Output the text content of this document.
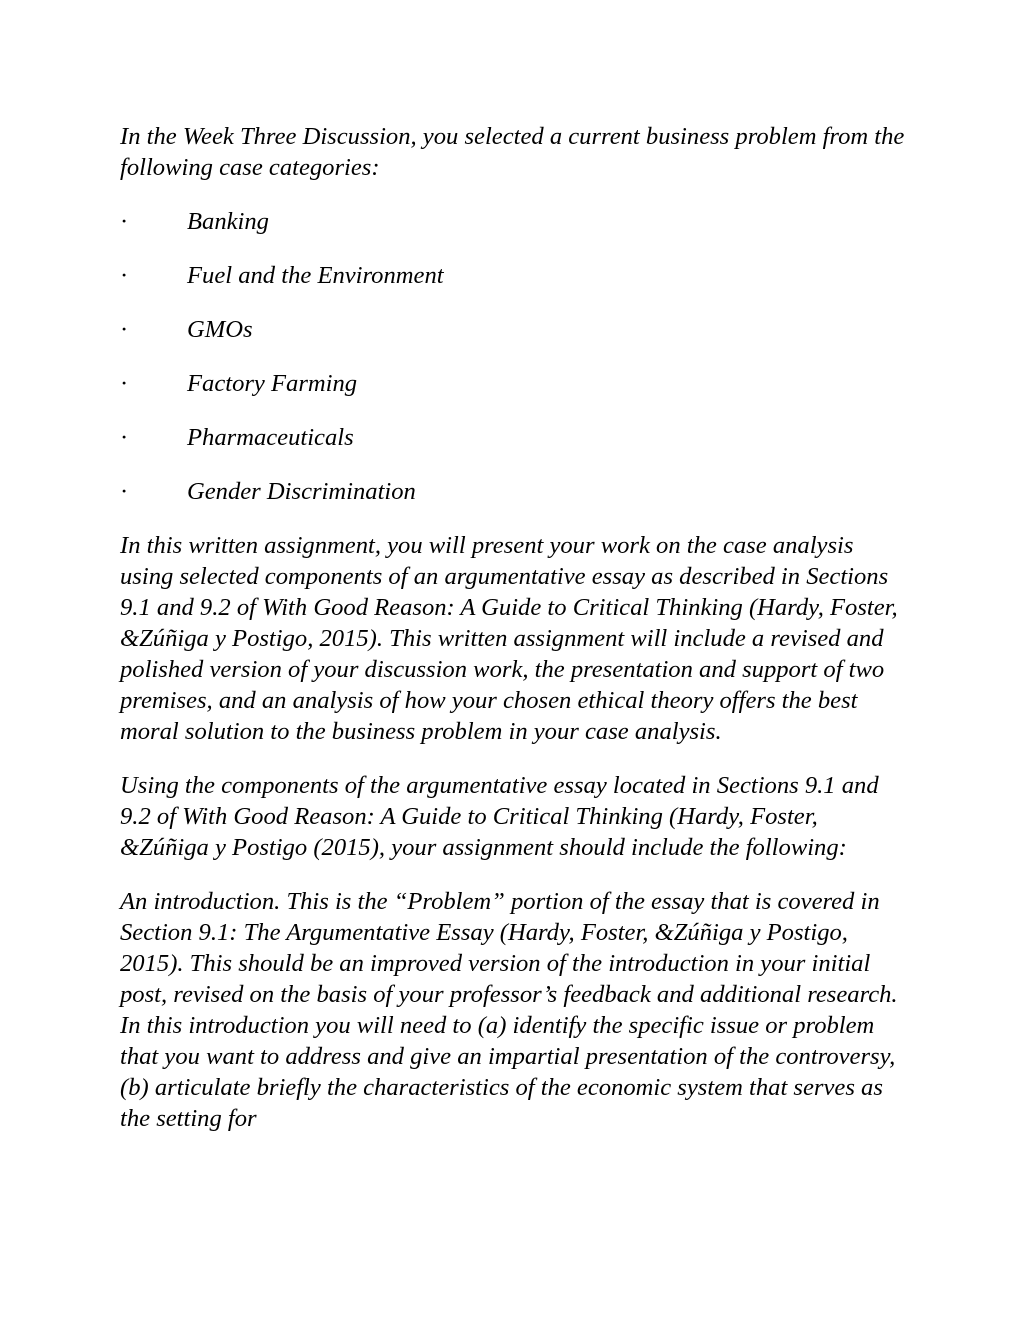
In the Week Three Discussion, you selected a current business problem from the following case categories:

·	Banking
·	Fuel and the Environment
·	GMOs
·	Factory Farming
·	Pharmaceuticals
·	Gender Discrimination

In this written assignment, you will present your work on the case analysis using selected components of an argumentative essay as described in Sections 9.1 and 9.2 of With Good Reason: A Guide to Critical Thinking (Hardy, Foster, &Zúñiga y Postigo, 2015). This written assignment will include a revised and polished version of your discussion work, the presentation and support of two premises, and an analysis of how your chosen ethical theory offers the best moral solution to the business problem in your case analysis.

Using the components of the argumentative essay located in Sections 9.1 and 9.2 of With Good Reason: A Guide to Critical Thinking (Hardy, Foster, &Zúñiga y Postigo (2015), your assignment should include the following:

An introduction. This is the “Problem” portion of the essay that is covered in Section 9.1: The Argumentative Essay (Hardy, Foster, &Zúñiga y Postigo, 2015). This should be an improved version of the introduction in your initial post, revised on the basis of your professor’s feedback and additional research. In this introduction you will need to (a) identify the specific issue or problem that you want to address and give an impartial presentation of the controversy, (b) articulate briefly the characteristics of the economic system that serves as the setting for
